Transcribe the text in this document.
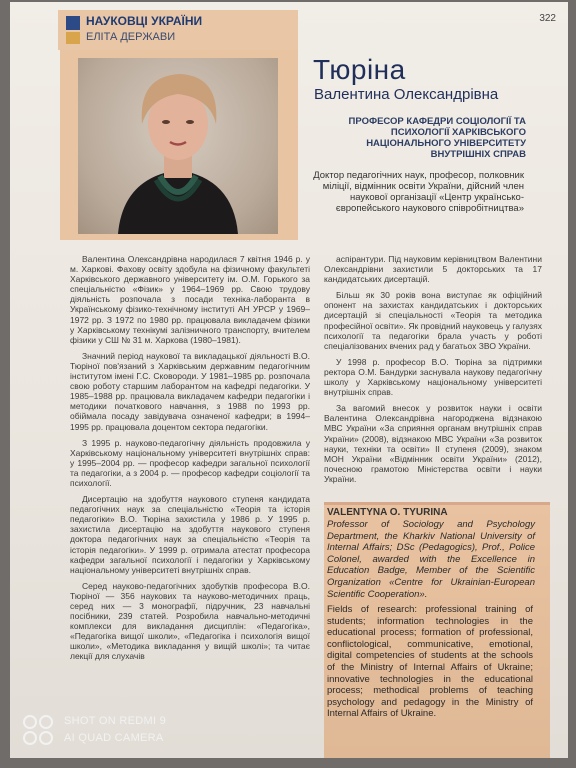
322
НАУКОВЦІ УКРАЇНИ
ЕЛІТА ДЕРЖАВИ
Тюріна
Валентина Олександрівна
ПРОФЕСОР КАФЕДРИ СОЦІОЛОГІЇ ТА ПСИХОЛОГІЇ ХАРКІВСЬКОГО НАЦІОНАЛЬНОГО УНІВЕРСИТЕТУ ВНУТРІШНІХ СПРАВ
Доктор педагогічних наук, професор, полковник міліції, відмінник освіти України, дійсний член наукової організації «Центр українсько-європейського наукового співробітництва»

Валентина Олександрівна народилася 7 квітня 1946 р. у м. Харкові. Фахову освіту здобула на фізичному факультеті Харківського державного університету ім. О.М. Горького за спеціальністю «Фізик» у 1964–1969 рр. Свою трудову діяльність розпочала з посади техніка-лаборанта в Українському фізико-технічному інституті АН УРСР у 1969–1972 рр. З 1972 по 1980 рр. працювала викладачем фізики у Харківському технікумі залізничного транспорту, вчителем фізики у СШ № 31 м. Харкова (1980–1981).

Значний період наукової та викладацької діяльності В.О. Тюріної пов'язаний з Харківським державним педагогічним інститутом імені Г.С. Сковороди. У 1981–1985 рр. розпочала свою роботу старшим лаборантом на кафедрі педагогіки. У 1985–1988 рр. працювала викладачем кафедри педагогіки і методики початкового навчання, з 1988 по 1993 рр. обіймала посаду завідувача означеної кафедри; в 1994–1995 рр. працювала доцентом сектора педагогіки.

З 1995 р. науково-педагогічну діяльність продовжила у Харківському національному університеті внутрішніх справ: у 1995–2004 рр. — професор кафедри загальної психології та педагогіки, а з 2004 р. — професор кафедри соціології та психології.

Дисертацію на здобуття наукового ступеня кандидата педагогічних наук за спеціальністю «Теорія та історія педагогіки» В.О. Тюріна захистила у 1986 р. У 1995 р. захистила дисертацію на здобуття наукового ступеня доктора педагогічних наук за спеціальністю «Теорія та історія педагогіки». У 1999 р. отримала атестат професора кафедри загальної психології і педагогіки у Харківському національному університеті внутрішніх справ.

Серед науково-педагогічних здобутків професора В.О. Тюріної — 356 наукових та науково-методичних праць, серед них — 3 монографії, підручник, 23 навчальні посібники, 239 статей. Розробила навчально-методичні комплекси для викладання дисциплін: «Педагогіка», «Педагогіка вищої школи», «Педагогіка і психологія вищої школи», «Методика викладання у вищій школі»; та читає лекції для слухачів

аспірантури. Під науковим керівництвом Валентини Олександрівни захистили 5 докторських та 17 кандидатських дисертацій.

Більш як 30 років вона виступає як офіційний опонент на захистах кандидатських і докторських дисертацій зі спеціальності «Теорія та методика професійної освіти». Як провідний науковець у галузях психології та педагогіки брала участь у роботі спеціалізованих вчених рад у багатьох ЗВО України.

У 1998 р. професор В.О. Тюріна за підтримки ректора О.М. Бандурки заснувала наукову педагогічну школу у Харківському національному університеті внутрішніх справ.

За вагомий внесок у розвиток науки і освіти Валентина Олександрівна нагороджена відзнакою МВС України «За сприяння органам внутрішніх справ України» (2008), відзнакою МВС України «За розвиток науки, техніки та освіти» II ступеня (2009), знаком МОН України «Відмінник освіти України» (2012), почесною грамотою Міністерства освіти і науки України.

VALENTYNA O. TYURINA
Professor of Sociology and Psychology Department, the Kharkiv National University of Internal Affairs; DSc (Pedagogics), Prof., Police Colonel, awarded with the Excellence in Education Badge, Member of the Scientific Organization «Centre for Ukrainian-European Scientific Cooperation».
Fields of research: professional training of students; information technologies in the educational process; formation of professional, conflictological, communicative, emotional, digital competencies of students at the schools of the Ministry of Internal Affairs of Ukraine; innovative technologies in the educational process; methodical problems of teaching psychology and pedagogy in the Ministry of Internal Affairs of Ukraine.
SHOT ON REDMI 9
AI QUAD CAMERA
